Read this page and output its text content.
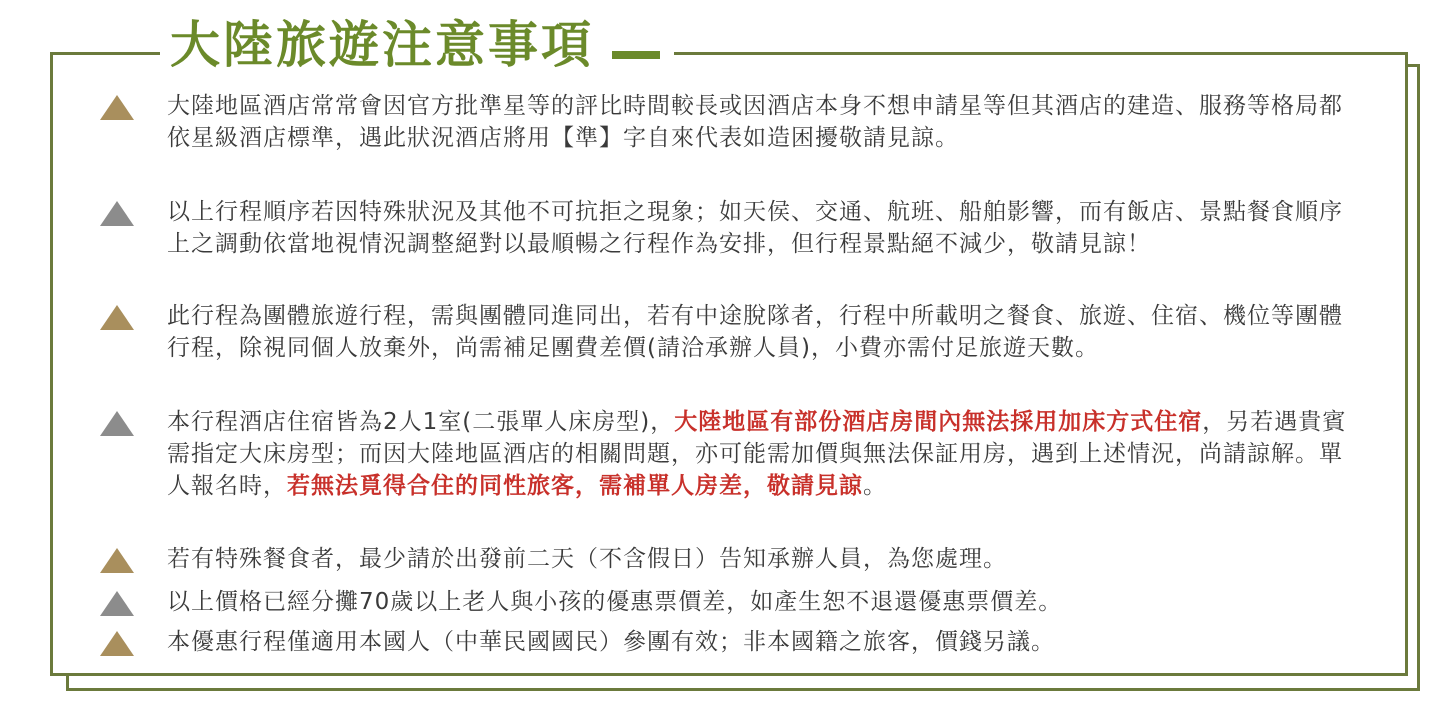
大陸旅遊注意事項
大陸地區酒店常常會因官方批準星等的評比時間較長或因酒店本身不想申請星等但其酒店的建造、服務等格局都依星級酒店標準，遇此狀況酒店將用【準】字自來代表如造困擾敬請見諒。
以上行程順序若因特殊狀況及其他不可抗拒之現象；如天侯、交通、航班、船舶影響，而有飯店、景點餐食順序上之調動依當地視情況調整絕對以最順暢之行程作為安排，但行程景點絕不減少，敬請見諒！
此行程為團體旅遊行程，需與團體同進同出，若有中途脫隊者，行程中所載明之餐食、旅遊、住宿、機位等團體行程，除視同個人放棄外，尚需補足團費差價(請洽承辦人員)，小費亦需付足旅遊天數。
本行程酒店住宿皆為2人1室(二張單人床房型)，大陸地區有部份酒店房間內無法採用加床方式住宿，另若遇貴賓需指定大床房型；而因大陸地區酒店的相關問題，亦可能需加價與無法保証用房，遇到上述情況，尚請諒解。單人報名時，若無法覓得合住的同性旅客，需補單人房差，敬請見諒。
若有特殊餐食者，最少請於出發前二天（不含假日）告知承辦人員，為您處理。
以上價格已經分攤70歲以上老人與小孩的優惠票價差，如產生恕不退還優惠票價差。
本優惠行程僅適用本國人（中華民國國民）參團有效；非本國籍之旅客，價錢另議。
